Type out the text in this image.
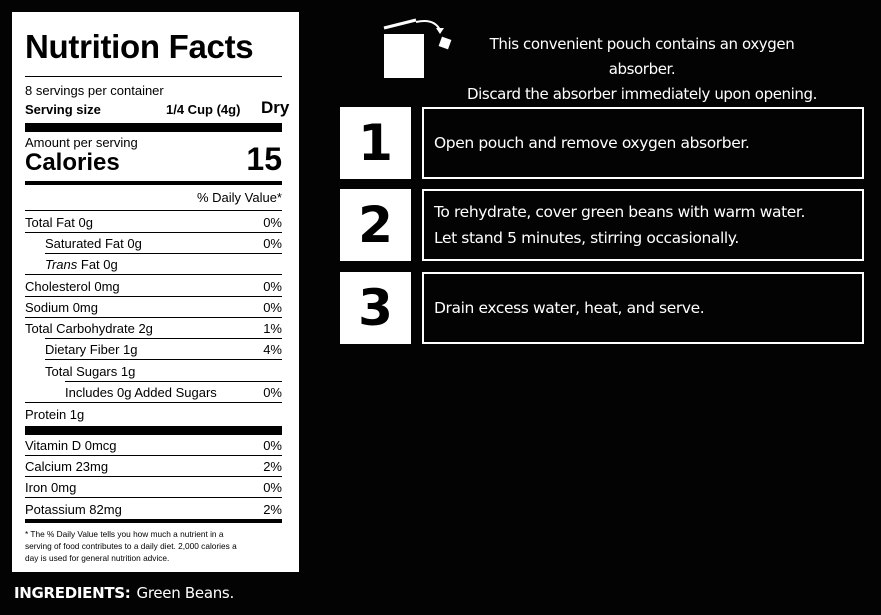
Nutrition Facts
8 servings per container
Serving size	1/4 Cup (4g) Dry
Amount per serving
Calories	15
% Daily Value*
Total Fat 0g	0%
Saturated Fat 0g	0%
Trans Fat 0g
Cholesterol 0mg	0%
Sodium 0mg	0%
Total Carbohydrate 2g	1%
Dietary Fiber 1g	4%
Total Sugars 1g
Includes 0g Added Sugars	0%
Protein 1g
Vitamin D 0mcg	0%
Calcium 23mg	2%
Iron 0mg	0%
Potassium 82mg	2%
* The % Daily Value tells you how much a nutrient in a
serving of food contributes to a daily diet. 2,000 calories a
day is used for general nutrition advice.
INGREDIENTS: Green Beans.
This convenient pouch contains an oxygen absorber.
Discard the absorber immediately upon opening.
1	Open pouch and remove oxygen absorber.
2	To rehydrate, cover green beans with warm water.
Let stand 5 minutes, stirring occasionally.
3	Drain excess water, heat, and serve.
